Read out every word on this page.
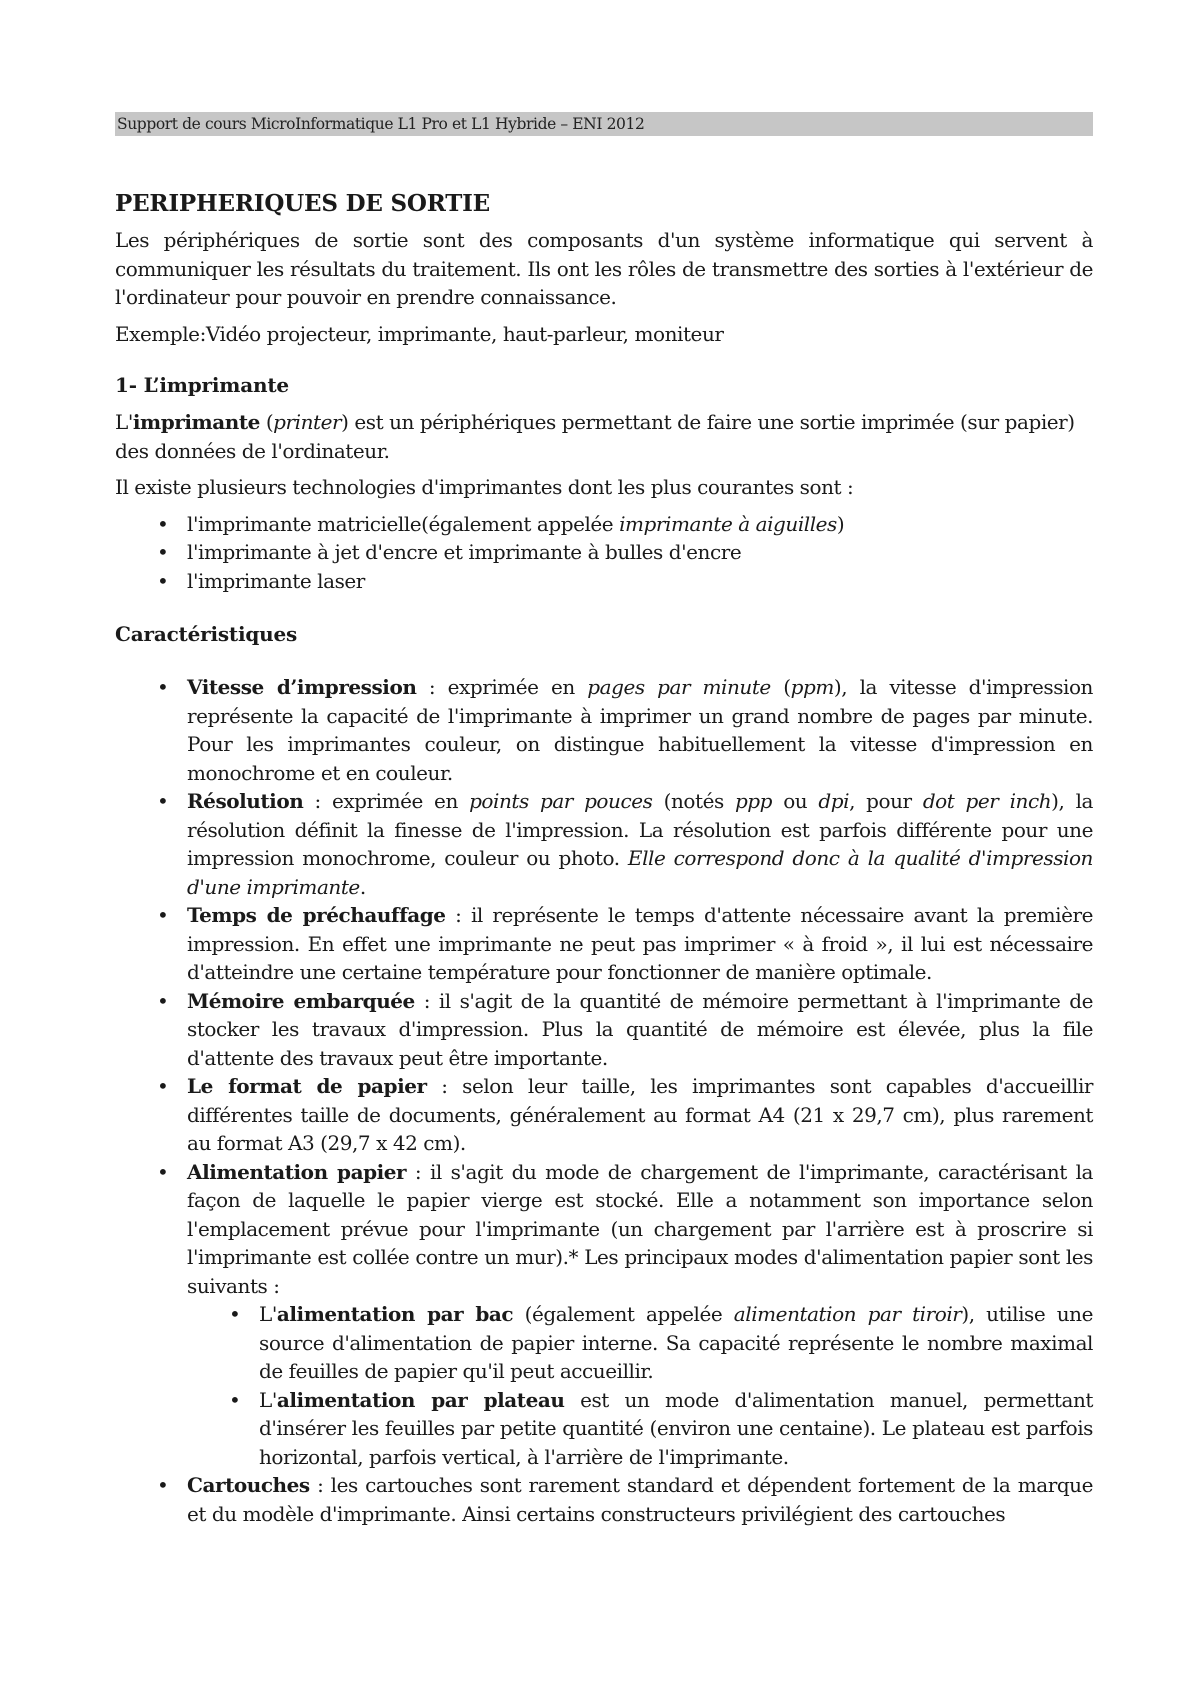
Support de cours MicroInformatique L1 Pro et L1 Hybride – ENI 2012
PERIPHERIQUES DE SORTIE

Les périphériques de sortie sont des composants d'un système informatique qui servent à communiquer les résultats du traitement. Ils ont les rôles de transmettre des sorties à l'extérieur de l'ordinateur pour pouvoir en prendre connaissance.

Exemple:Vidéo projecteur, imprimante, haut-parleur, moniteur

1- L’imprimante

L'imprimante (printer) est un périphériques permettant de faire une sortie imprimée (sur papier) des données de l'ordinateur.

Il existe plusieurs technologies d'imprimantes dont les plus courantes sont :

• l'imprimante matricielle(également appelée imprimante à aiguilles)
• l'imprimante à jet d'encre et imprimante à bulles d'encre
• l'imprimante laser
Caractéristiques
• Vitesse d’impression : exprimée en pages par minute (ppm), la vitesse d'impression représente la capacité de l'imprimante à imprimer un grand nombre de pages par minute. Pour les imprimantes couleur, on distingue habituellement la vitesse d'impression en monochrome et en couleur.
• Résolution : exprimée en points par pouces (notés ppp ou dpi, pour dot per inch), la résolution définit la finesse de l'impression. La résolution est parfois différente pour une impression monochrome, couleur ou photo. Elle correspond donc à la qualité d'impression d'une imprimante.
• Temps de préchauffage : il représente le temps d'attente nécessaire avant la première impression. En effet une imprimante ne peut pas imprimer « à froid », il lui est nécessaire d'atteindre une certaine température pour fonctionner de manière optimale.
• Mémoire embarquée : il s'agit de la quantité de mémoire permettant à l'imprimante de stocker les travaux d'impression. Plus la quantité de mémoire est élevée, plus la file d'attente des travaux peut être importante.
• Le format de papier : selon leur taille, les imprimantes sont capables d'accueillir différentes taille de documents, généralement au format A4 (21 x 29,7 cm), plus rarement au format A3 (29,7 x 42 cm).
• Alimentation papier : il s'agit du mode de chargement de l'imprimante, caractérisant la façon de laquelle le papier vierge est stocké. Elle a notamment son importance selon l'emplacement prévue pour l'imprimante (un chargement par l'arrière est à proscrire si l'imprimante est collée contre un mur).* Les principaux modes d'alimentation papier sont les suivants :
• L'alimentation par bac (également appelée alimentation par tiroir), utilise une source d'alimentation de papier interne. Sa capacité représente le nombre maximal de feuilles de papier qu'il peut accueillir.
• L'alimentation par plateau est un mode d'alimentation manuel, permettant d'insérer les feuilles par petite quantité (environ une centaine). Le plateau est parfois horizontal, parfois vertical, à l'arrière de l'imprimante.
• Cartouches : les cartouches sont rarement standard et dépendent fortement de la marque et du modèle d'imprimante. Ainsi certains constructeurs privilégient des cartouches
